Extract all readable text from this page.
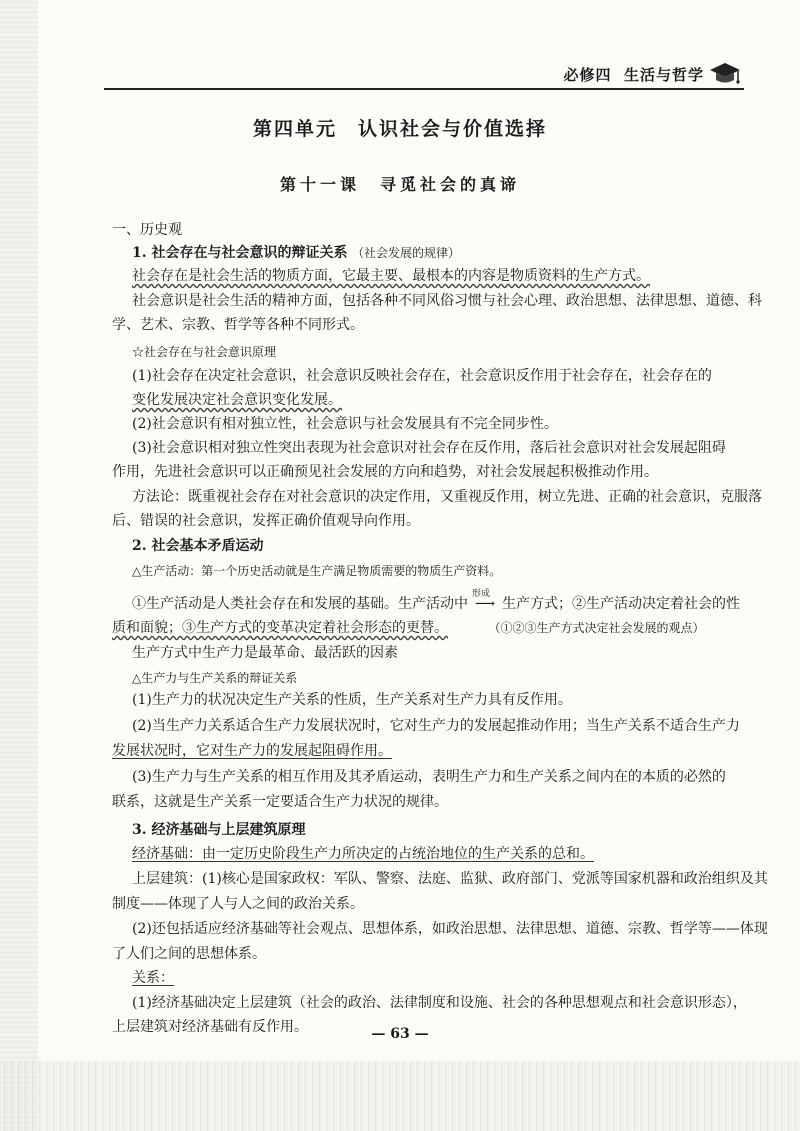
必修四 生活与哲学
第四单元　认识社会与价值选择
第十一课　寻觅社会的真谛
一、历史观
1. 社会存在与社会意识的辩证关系 （社会发展的规律）
社会存在是社会生活的物质方面，它最主要、最根本的内容是物质资料的生产方式。
社会意识是社会生活的精神方面，包括各种不同风俗习惯与社会心理、政治思想、法律思想、道德、科
学、艺术、宗教、哲学等各种不同形式。
☆社会存在与社会意识原理
(1)社会存在决定社会意识，社会意识反映社会存在，社会意识反作用于社会存在，社会存在的
变化发展决定社会意识变化发展。
(2)社会意识有相对独立性，社会意识与社会发展具有不完全同步性。
(3)社会意识相对独立性突出表现为社会意识对社会存在反作用，落后社会意识对社会发展起阻碍
作用，先进社会意识可以正确预见社会发展的方向和趋势，对社会发展起积极推动作用。
方法论：既重视社会存在对社会意识的决定作用，又重视反作用，树立先进、正确的社会意识，克服落
后、错误的社会意识，发挥正确价值观导向作用。
2. 社会基本矛盾运动
△生产活动：第一个历史活动就是生产满足物质需要的物质生产资料。
①生产活动是人类社会存在和发展的基础。生产活动中
形成
⟶ 生产方式；②生产活动决定着社会的性
质和面貌；③生产方式的变革决定着社会形态的更替。	（①②③生产方式决定社会发展的观点）
生产方式中生产力是最革命、最活跃的因素
△生产力与生产关系的辩证关系
(1)生产力的状况决定生产关系的性质，生产关系对生产力具有反作用。
(2)当生产力关系适合生产力发展状况时，它对生产力的发展起推动作用；当生产关系不适合生产力
发展状况时，它对生产力的发展起阻碍作用。
(3)生产力与生产关系的相互作用及其矛盾运动，表明生产力和生产关系之间内在的本质的必然的
联系，这就是生产关系一定要适合生产力状况的规律。
3. 经济基础与上层建筑原理
经济基础：由一定历史阶段生产力所决定的占统治地位的生产关系的总和。
上层建筑：(1)核心是国家政权：军队、警察、法庭、监狱、政府部门、党派等国家机器和政治组织及其
制度——体现了人与人之间的政治关系。
(2)还包括适应经济基础等社会观点、思想体系，如政治思想、法律思想、道德、宗教、哲学等——体现
了人们之间的思想体系。
关系：
(1)经济基础决定上层建筑（社会的政治、法律制度和设施、社会的各种思想观点和社会意识形态），
上层建筑对经济基础有反作用。	— 63 —
